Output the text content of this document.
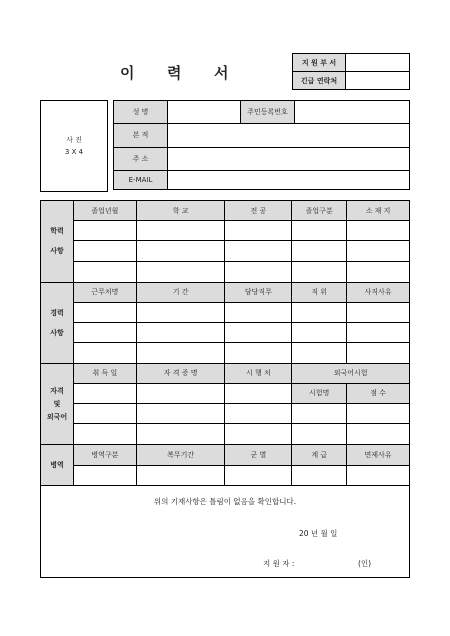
이 력 서
지 원 부 서	
긴급 연락처	
사 진
3 X 4
성 명		주민등록번호	
본 적			
주 소			
E-MAIL			
학력
사항	졸업년월	학 교	전 공	졸업구분	소 재 지

경력
사항	근무처명	기 간	담당직무	직 위	사직사유

자격
및
외국어	취 득 일	자 격 증 명	시 행 처	외국어시험	
				시험명	점 수

병역	병역구분	복무기간	군 별	계 급	면제사유

위의 기재사항은 틀림이 없음을 확인합니다.
20 년 월 일
지 원 자 :	(인)
